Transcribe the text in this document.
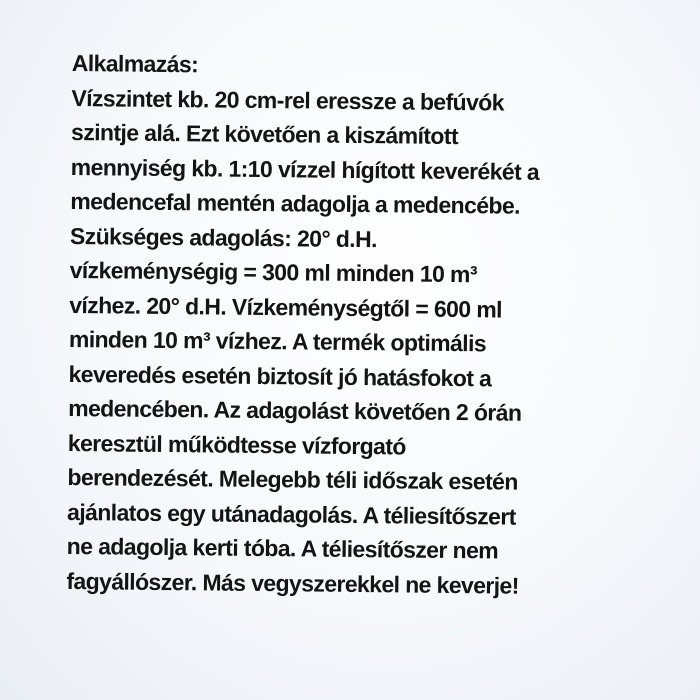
Alkalmazás:

Vízszintet kb. 20 cm-rel eressze a befúvók

szintje alá. Ezt követően a kiszámított

mennyiség kb. 1:10 vízzel hígított keverékét a

medencefal mentén adagolja a medencébe.

Szükséges adagolás: 20° d.H.

vízkeménységig = 300 ml minden 10 m³

vízhez. 20° d.H. Vízkeménységtől = 600 ml

minden 10 m³ vízhez. A termék optimális

keveredés esetén biztosít jó hatásfokot a

medencében. Az adagolást követően 2 órán

keresztül működtesse vízforgató

berendezését. Melegebb téli időszak esetén

ajánlatos egy utánadagolás. A téliesítőszert

ne adagolja kerti tóba. A téliesítőszer nem

fagyállószer. Más vegyszerekkel ne keverje!
